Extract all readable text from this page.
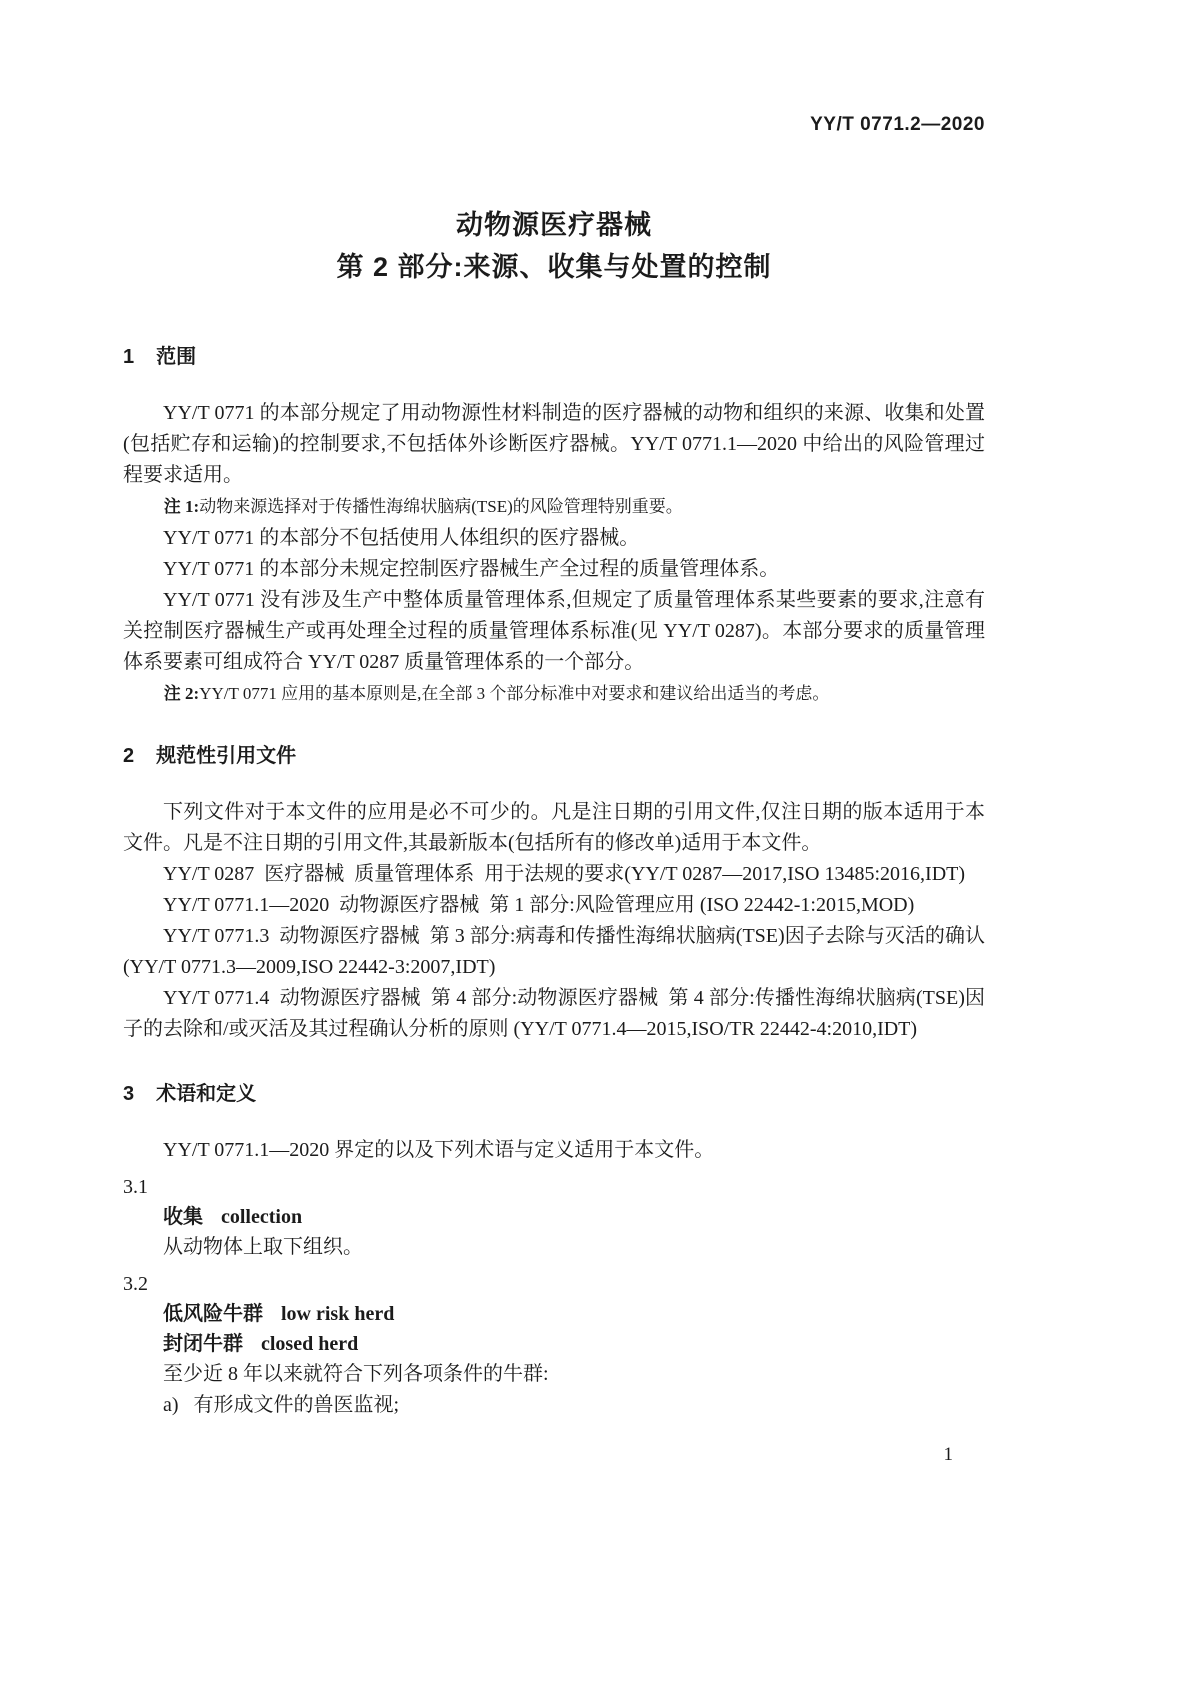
YY/T 0771.2—2020
动物源医疗器械
第 2 部分:来源、收集与处置的控制
1 范围

YY/T 0771 的本部分规定了用动物源性材料制造的医疗器械的动物和组织的来源、收集和处置(包括贮存和运输)的控制要求,不包括体外诊断医疗器械。YY/T 0771.1—2020 中给出的风险管理过程要求适用。

注 1:动物来源选择对于传播性海绵状脑病(TSE)的风险管理特别重要。

YY/T 0771 的本部分不包括使用人体组织的医疗器械。

YY/T 0771 的本部分未规定控制医疗器械生产全过程的质量管理体系。

YY/T 0771 没有涉及生产中整体质量管理体系,但规定了质量管理体系某些要素的要求,注意有关控制医疗器械生产或再处理全过程的质量管理体系标准(见 YY/T 0287)。本部分要求的质量管理体系要素可组成符合 YY/T 0287 质量管理体系的一个部分。

注 2:YY/T 0771 应用的基本原则是,在全部 3 个部分标准中对要求和建议给出适当的考虑。

2 规范性引用文件

下列文件对于本文件的应用是必不可少的。凡是注日期的引用文件,仅注日期的版本适用于本文件。凡是不注日期的引用文件,其最新版本(包括所有的修改单)适用于本文件。

YY/T 0287  医疗器械  质量管理体系  用于法规的要求(YY/T 0287—2017,ISO 13485:2016,IDT)

YY/T 0771.1—2020  动物源医疗器械  第 1 部分:风险管理应用 (ISO 22442-1:2015,MOD)

YY/T 0771.3  动物源医疗器械  第 3 部分:病毒和传播性海绵状脑病(TSE)因子去除与灭活的确认(YY/T 0771.3—2009,ISO 22442-3:2007,IDT)

YY/T 0771.4  动物源医疗器械  第 4 部分:动物源医疗器械  第 4 部分:传播性海绵状脑病(TSE)因子的去除和/或灭活及其过程确认分析的原则 (YY/T 0771.4—2015,ISO/TR 22442-4:2010,IDT)

3 术语和定义

YY/T 0771.1—2020 界定的以及下列术语与定义适用于本文件。

3.1

收集 collection

从动物体上取下组织。

3.2

低风险牛群 low risk herd

封闭牛群 closed herd

至少近 8 年以来就符合下列各项条件的牛群:

a)   有形成文件的兽医监视;

1
